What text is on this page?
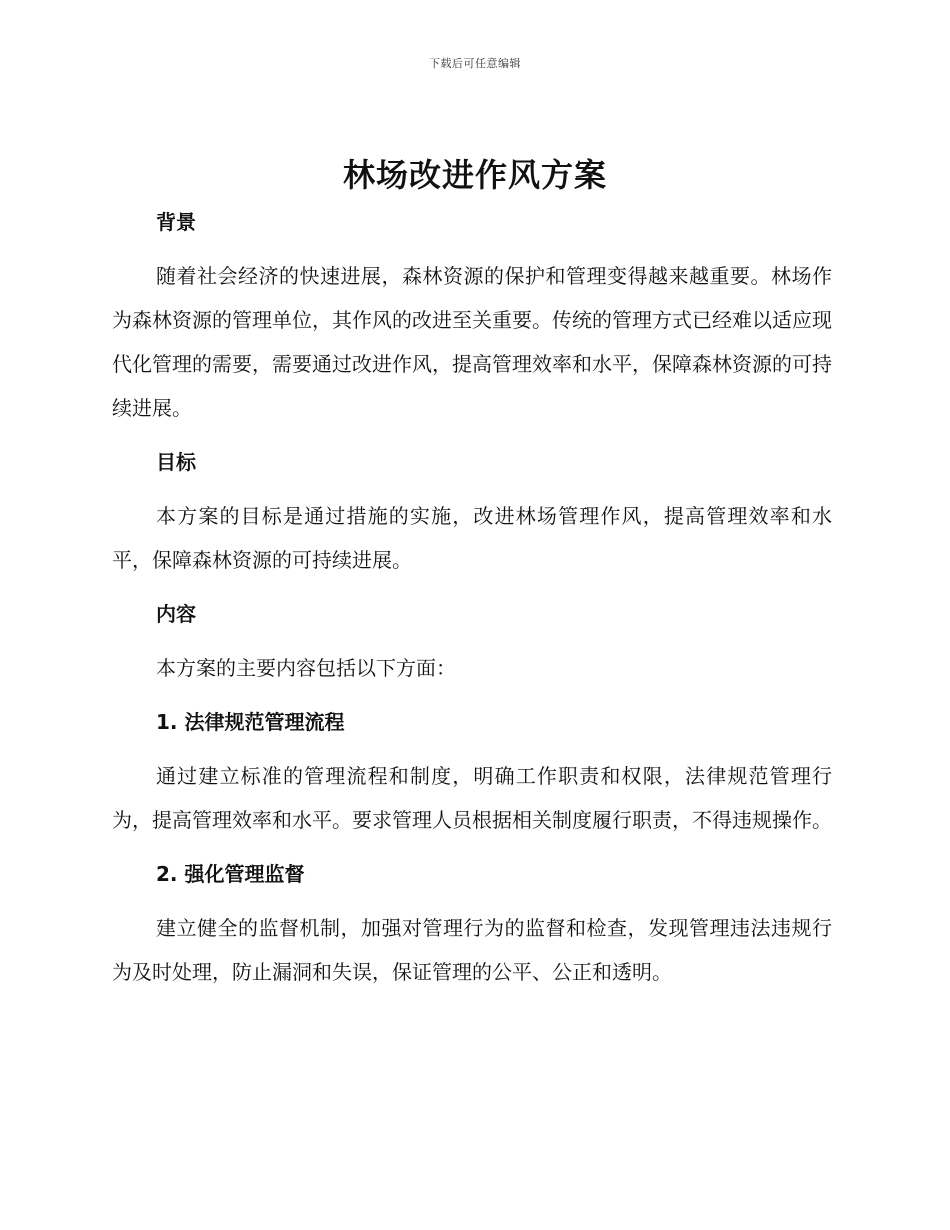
下载后可任意编辑
林场改进作风方案

背景

随着社会经济的快速进展，森林资源的保护和管理变得越来越重要。林场作为森林资源的管理单位，其作风的改进至关重要。传统的管理方式已经难以适应现代化管理的需要，需要通过改进作风，提高管理效率和水平，保障森林资源的可持续进展。

目标

本方案的目标是通过措施的实施，改进林场管理作风，提高管理效率和水平，保障森林资源的可持续进展。

内容

本方案的主要内容包括以下方面：

1. 法律规范管理流程

通过建立标准的管理流程和制度，明确工作职责和权限，法律规范管理行为，提高管理效率和水平。要求管理人员根据相关制度履行职责，不得违规操作。

2. 强化管理监督

建立健全的监督机制，加强对管理行为的监督和检查，发现管理违法违规行为及时处理，防止漏洞和失误，保证管理的公平、公正和透明。
